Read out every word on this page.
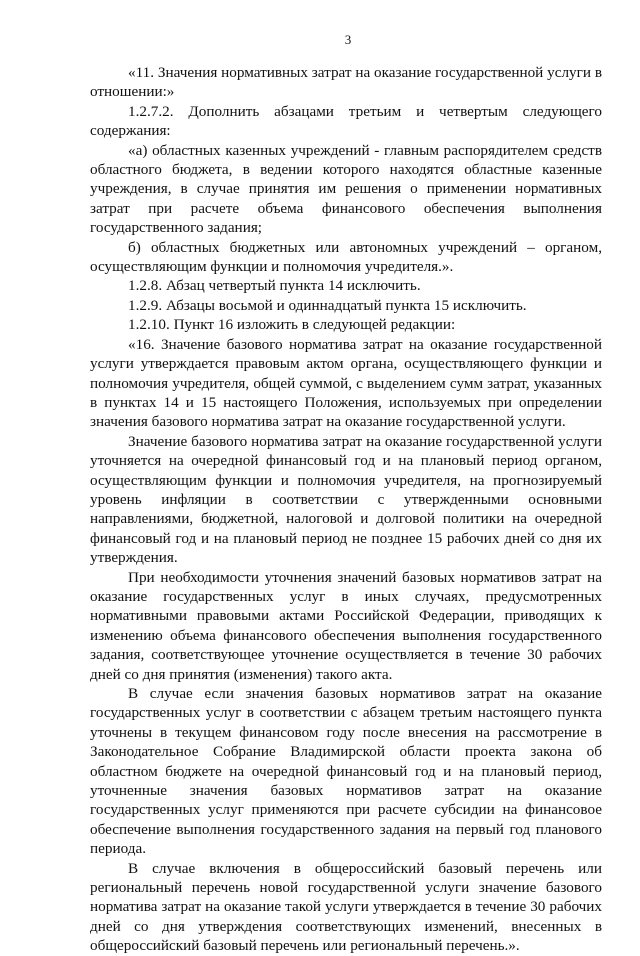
3

«11. Значения нормативных затрат на оказание государственной услуги в отношении:»

1.2.7.2. Дополнить абзацами третьим и четвертым следующего содержания:

«а) областных казенных учреждений - главным распорядителем средств областного бюджета, в ведении которого находятся областные казенные учреждения, в случае принятия им решения о применении нормативных затрат при расчете объема финансового обеспечения выполнения государственного задания;

б) областных бюджетных или автономных учреждений – органом, осуществляющим функции и полномочия учредителя.».

1.2.8. Абзац четвертый пункта 14 исключить.

1.2.9. Абзацы восьмой и одиннадцатый пункта 15 исключить.

1.2.10. Пункт 16 изложить в следующей редакции:

«16. Значение базового норматива затрат на оказание государственной услуги утверждается правовым актом органа, осуществляющего функции и полномочия учредителя, общей суммой, с выделением сумм затрат, указанных в пунктах 14 и 15 настоящего Положения, используемых при определении значения базового норматива затрат на оказание государственной услуги.

Значение базового норматива затрат на оказание государственной услуги уточняется на очередной финансовый год и на плановый период органом, осуществляющим функции и полномочия учредителя, на прогнозируемый уровень инфляции в соответствии с утвержденными основными направлениями, бюджетной, налоговой и долговой политики на очередной финансовый год и на плановый период не позднее 15 рабочих дней со дня их утверждения.

При необходимости уточнения значений базовых нормативов затрат на оказание государственных услуг в иных случаях, предусмотренных нормативными правовыми актами Российской Федерации, приводящих к изменению объема финансового обеспечения выполнения государственного задания, соответствующее уточнение осуществляется в течение 30 рабочих дней со дня принятия (изменения) такого акта.

В случае если значения базовых нормативов затрат на оказание государственных услуг в соответствии с абзацем третьим настоящего пункта уточнены в текущем финансовом году после внесения на рассмотрение в Законодательное Собрание Владимирской области проекта закона об областном бюджете на очередной финансовый год и на плановый период, уточненные значения базовых нормативов затрат на оказание государственных услуг применяются при расчете субсидии на финансовое обеспечение выполнения государственного задания на первый год планового периода.

В случае включения в общероссийский базовый перечень или региональный перечень новой государственной услуги значение базового норматива затрат на оказание такой услуги утверждается в течение 30 рабочих дней со дня утверждения соответствующих изменений, внесенных в общероссийский базовый перечень или региональный перечень.».
